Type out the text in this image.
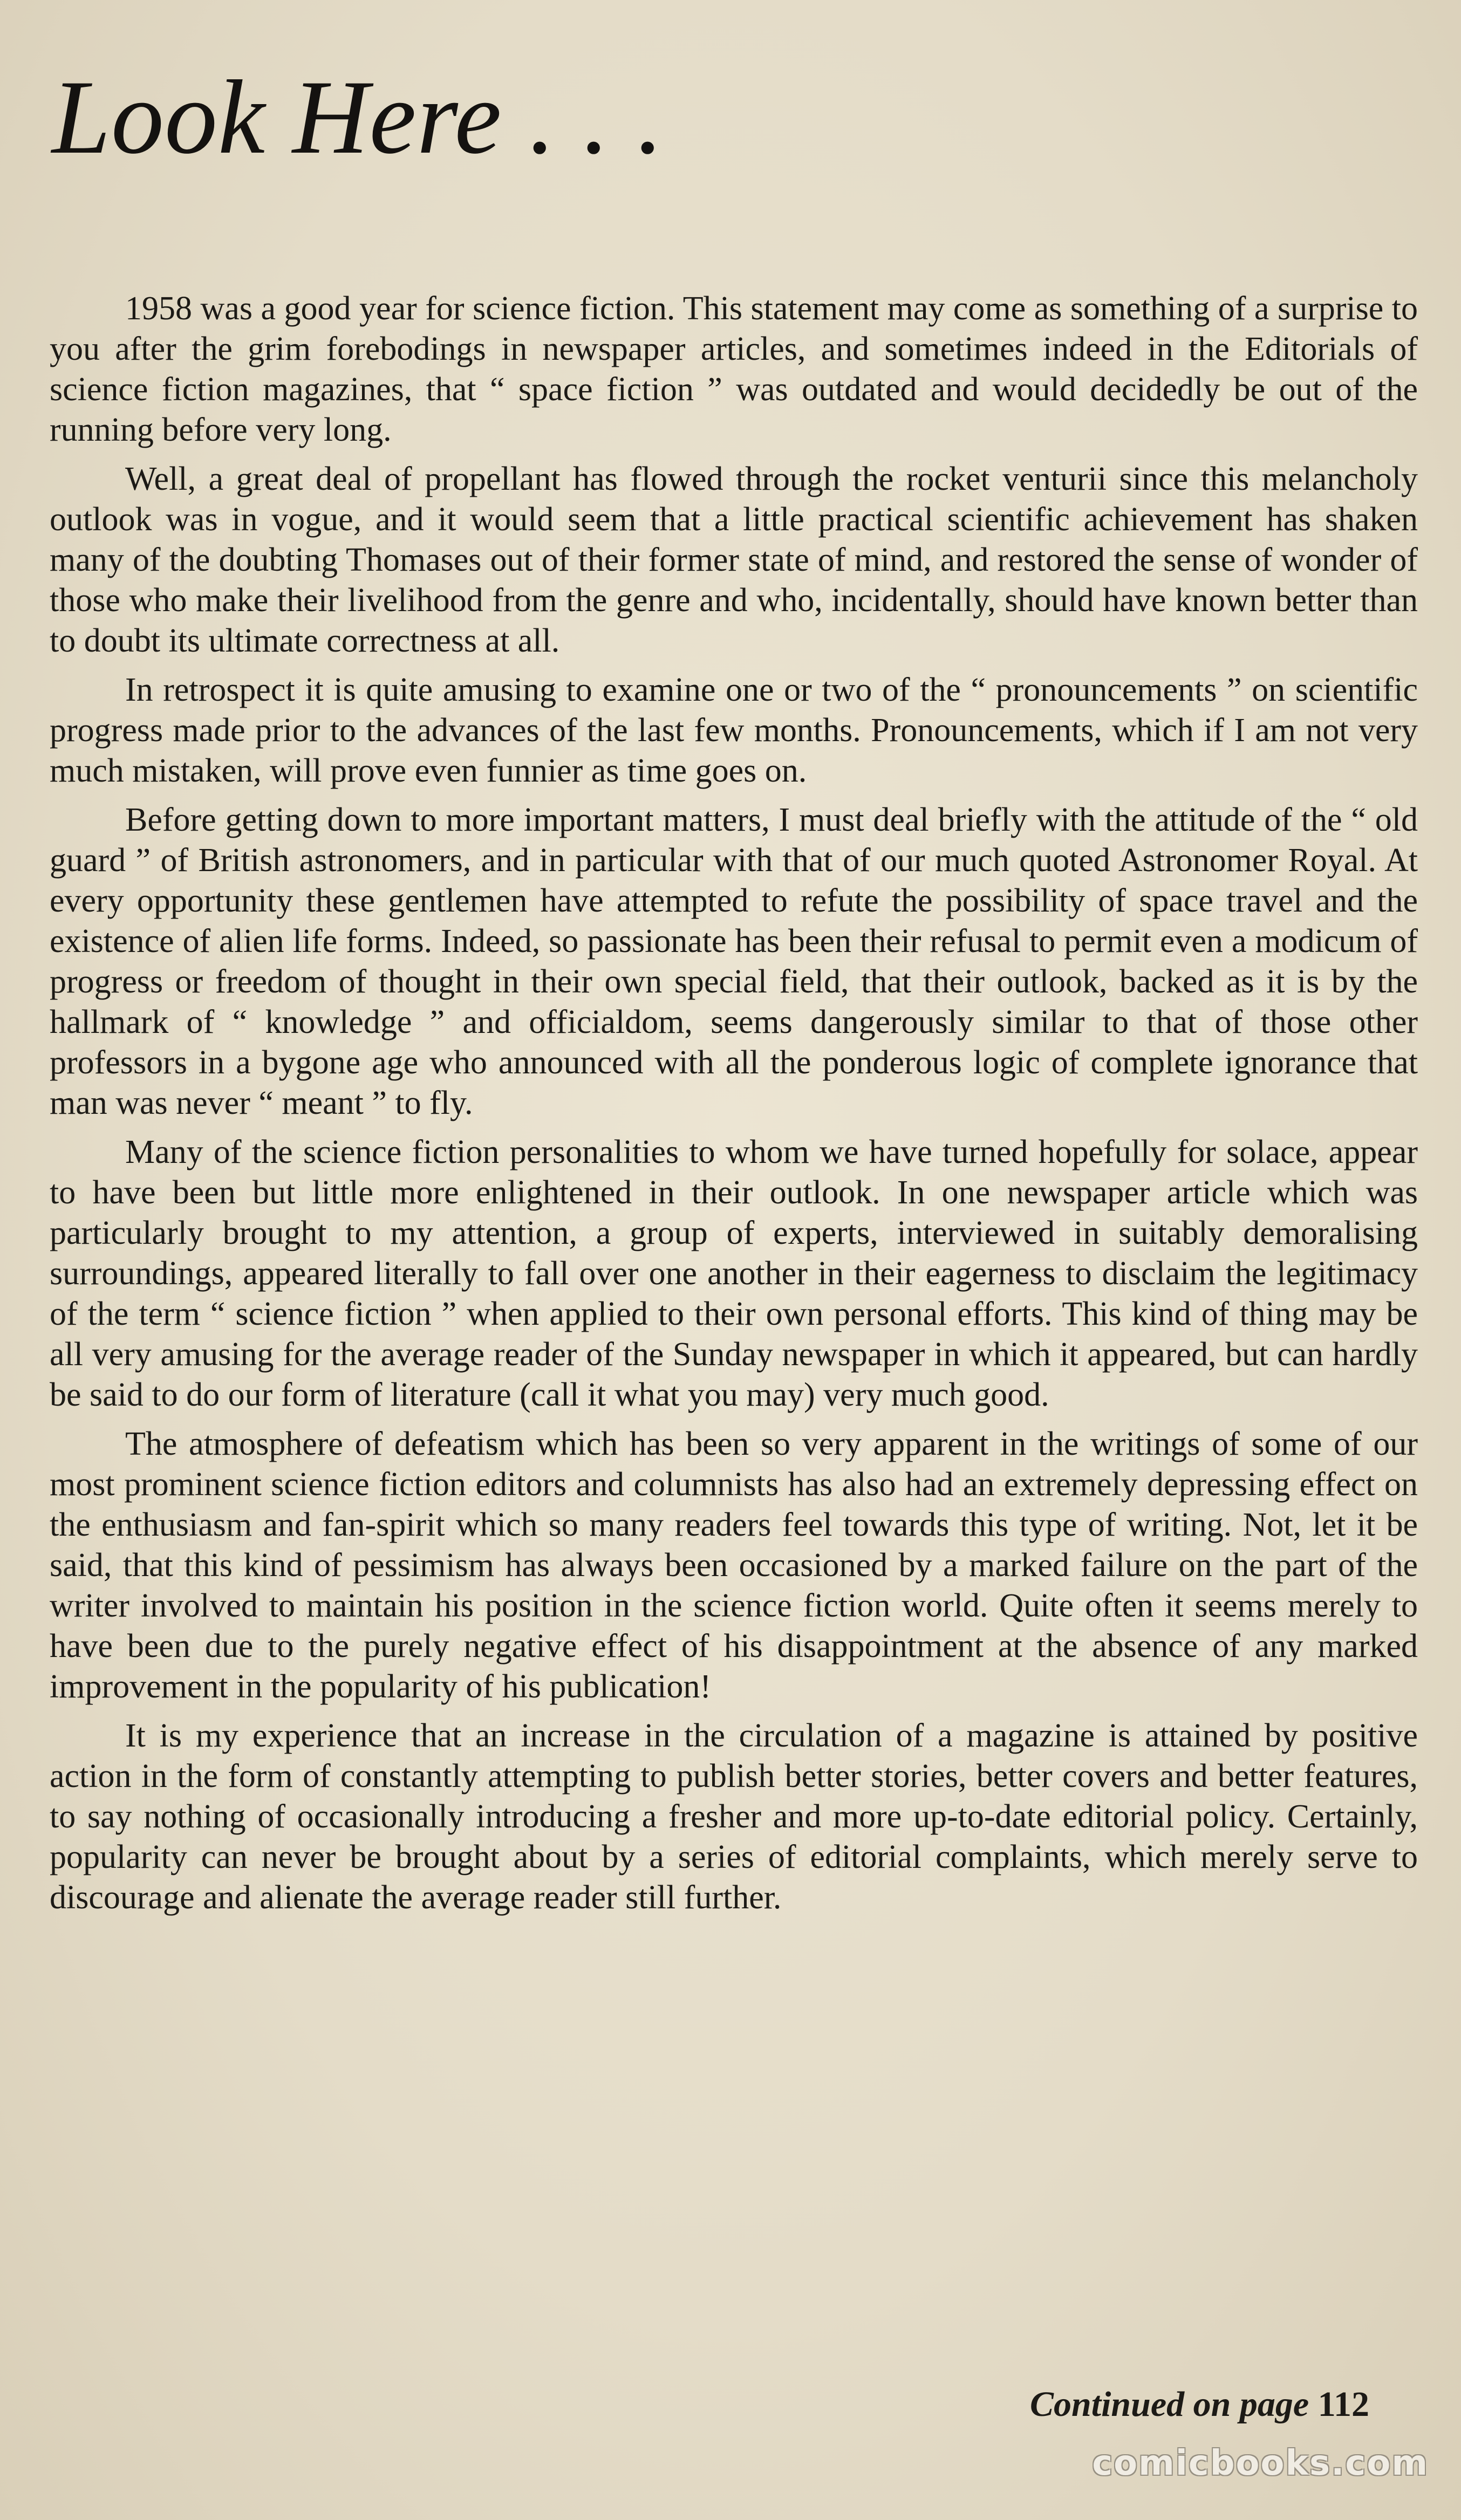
Look Here . . .

1958 was a good year for science fiction. This statement may come as something of a surprise to you after the grim forebodings in newspaper articles, and sometimes indeed in the Editorials of science fiction magazines, that “ space fiction ” was outdated and would decidedly be out of the running before very long.

Well, a great deal of propellant has flowed through the rocket venturii since this melancholy outlook was in vogue, and it would seem that a little practical scientific achievement has shaken many of the doubting Thomases out of their former state of mind, and restored the sense of wonder of those who make their livelihood from the genre and who, incidentally, should have known better than to doubt its ultimate correctness at all.

In retrospect it is quite amusing to examine one or two of the “ pronouncements ” on scientific progress made prior to the advances of the last few months. Pronouncements, which if I am not very much mistaken, will prove even funnier as time goes on.

Before getting down to more important matters, I must deal briefly with the attitude of the “ old guard ” of British astronomers, and in particular with that of our much quoted Astronomer Royal. At every opportunity these gentlemen have attempted to refute the possibility of space travel and the existence of alien life forms. Indeed, so passionate has been their refusal to permit even a modicum of progress or freedom of thought in their own special field, that their outlook, backed as it is by the hallmark of “ knowledge ” and officialdom, seems dangerously similar to that of those other professors in a bygone age who announced with all the ponderous logic of complete ignorance that man was never “ meant ” to fly.

Many of the science fiction personalities to whom we have turned hopefully for solace, appear to have been but little more enlightened in their outlook. In one newspaper article which was particularly brought to my attention, a group of experts, interviewed in suitably demoralising surroundings, appeared literally to fall over one another in their eagerness to disclaim the legitimacy of the term “ science fiction ” when applied to their own personal efforts. This kind of thing may be all very amusing for the average reader of the Sunday newspaper in which it appeared, but can hardly be said to do our form of literature (call it what you may) very much good.

The atmosphere of defeatism which has been so very apparent in the writings of some of our most prominent science fiction editors and columnists has also had an extremely depressing effect on the enthusiasm and fan-spirit which so many readers feel towards this type of writing. Not, let it be said, that this kind of pessimism has always been occasioned by a marked failure on the part of the writer involved to maintain his position in the science fiction world. Quite often it seems merely to have been due to the purely negative effect of his disappointment at the absence of any marked improvement in the popularity of his publication!

It is my experience that an increase in the circulation of a magazine is attained by positive action in the form of constantly attempting to publish better stories, better covers and better features, to say nothing of occasionally introducing a fresher and more up-to-date editorial policy. Certainly, popularity can never be brought about by a series of editorial complaints, which merely serve to discourage and alienate the average reader still further.

Continued on page 112

comicbooks.com
